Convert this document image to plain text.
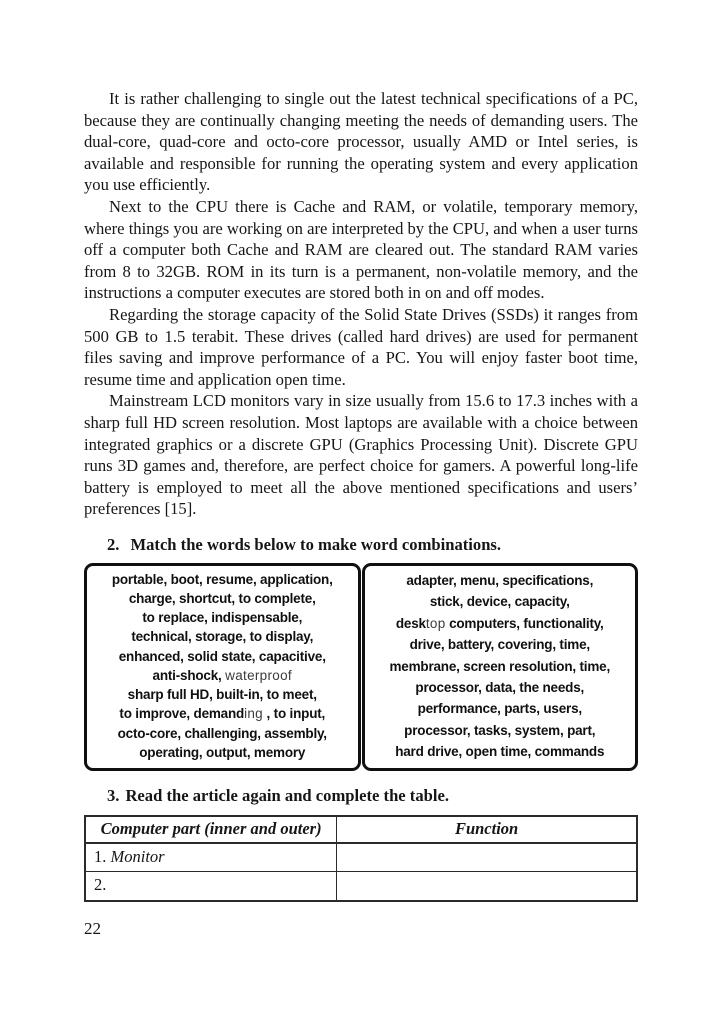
It is rather challenging to single out the latest technical specifications of a PC, because they are continually changing meeting the needs of demanding users. The dual-core, quad-core and octo-core processor, usually AMD or Intel series, is available and responsible for running the operating system and every application you use efficiently.

Next to the CPU there is Cache and RAM, or volatile, temporary memory, where things you are working on are interpreted by the CPU, and when a user turns off a computer both Cache and RAM are cleared out. The standard RAM varies from 8 to 32GB. ROM in its turn is a permanent, non-volatile memory, and the instructions a computer executes are stored both in on and off modes.

Regarding the storage capacity of the Solid State Drives (SSDs) it ranges from 500 GB to 1.5 terabit. These drives (called hard drives) are used for permanent files saving and improve performance of a PC. You will enjoy faster boot time, resume time and application open time.

Mainstream LCD monitors vary in size usually from 15.6 to 17.3 inches with a sharp full HD screen resolution. Most laptops are available with a choice between integrated graphics or a discrete GPU (Graphics Processing Unit). Discrete GPU runs 3D games and, therefore, are perfect choice for gamers. A powerful long-life battery is employed to meet all the above mentioned specifications and users’ preferences [15].

2. Match the words below to make word combinations.
portable, boot, resume, application,
charge, shortcut, to complete,
to replace, indispensable,
technical, storage, to display,
enhanced, solid state, capacitive,
anti-shock, waterproof
sharp full HD, built-in, to meet,
to improve, demanding , to input,
octo-core, challenging, assembly,
operating, output, memory
adapter, menu, specifications,
stick, device, capacity,
desktop computers, functionality,
drive, battery, covering, time,
membrane, screen resolution, time,
processor, data, the needs,
performance, parts, users,
processor, tasks, system, part,
hard drive, open time, commands
3. Read the article again and complete the table.
Computer part (inner and outer)	Function
1. Monitor	
2.	
22
